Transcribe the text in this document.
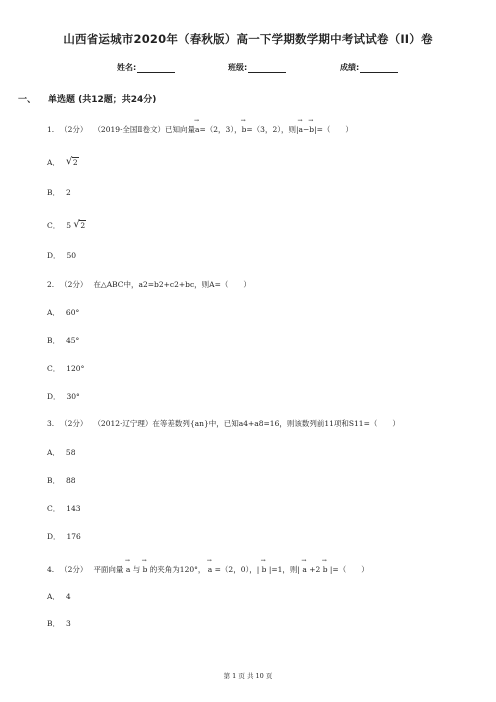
山西省运城市2020年（春秋版）高一下学期数学期中考试试卷（II）卷
姓名:	班级:	成绩:
一、 单选题 (共12题；共24分)
1. （2分） （2019·全国Ⅱ卷文）已知向量→ a=（2，3），→ b=（3，2），则|→ a−→ b|=（　　）
A． √ 2
B． 2
C． 5 √ 2
D． 50
2. （2分） 在△ABC中，a2=b2+c2+bc，则A=（　　）
A． 60°
B． 45°
C． 120°
D． 30°
3. （2分） （2012·辽宁理）在等差数列{an}中，已知a4+a8=16，则该数列前11项和S11=（　　）
A． 58
B． 88
C． 143
D． 176
4. （2分） 平面向量 → a 与 → b 的夹角为120°， → a =（2，0），| → b |=1，则| → a +2 → b |=（　　）
A． 4
B． 3
第 1 页 共 10 页
